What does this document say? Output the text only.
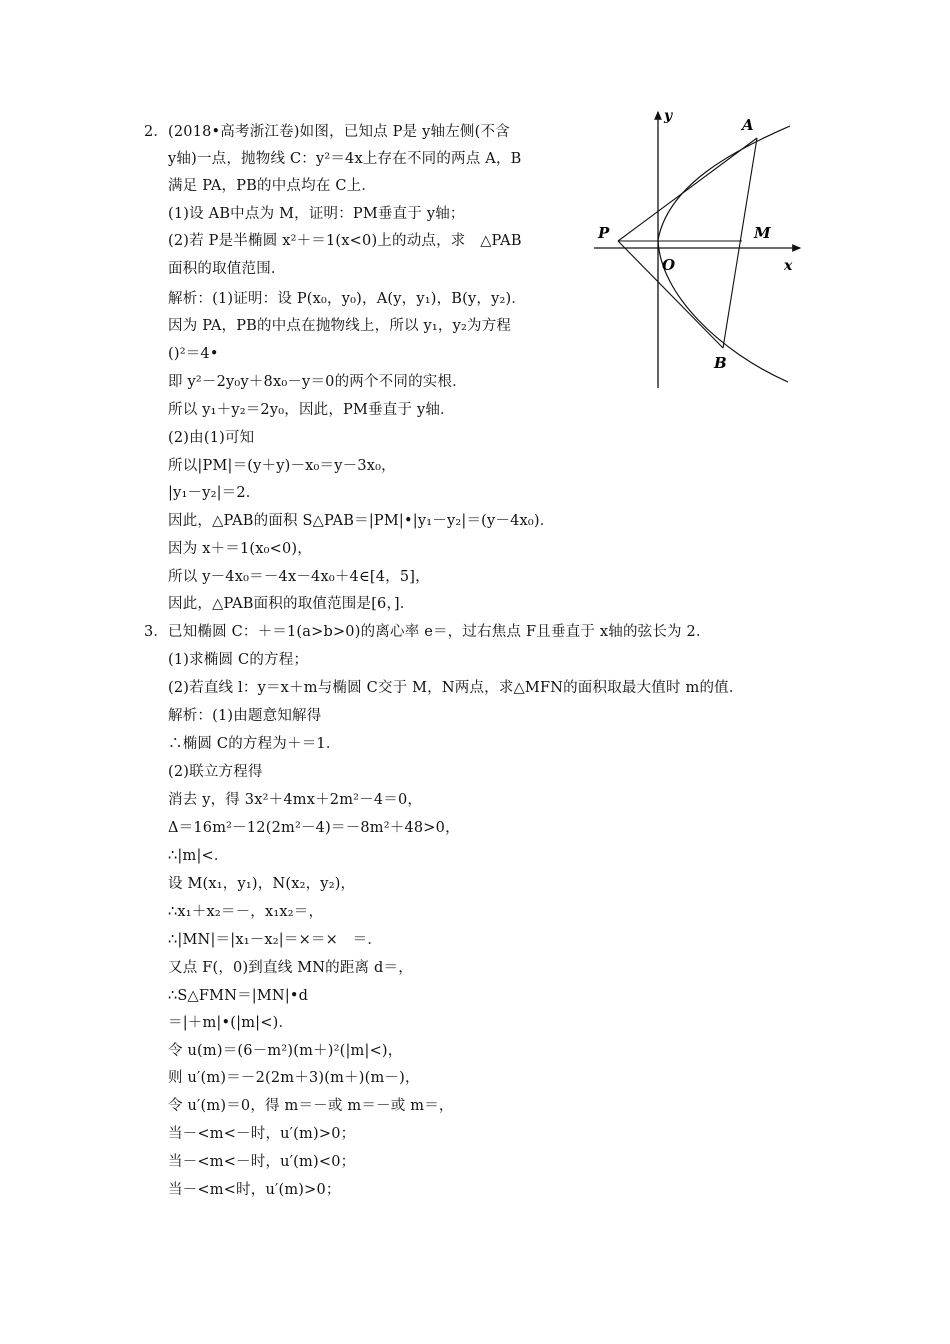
2． (2018•高考浙江卷)如图，已知点 P是 y轴左侧(不含
y轴)一点，抛物线 C：y²＝4x上存在不同的两点 A，B
满足 PA，PB的中点均在 C上．
(1)设 AB中点为 M，证明：PM垂直于 y轴；
(2)若 P是半椭圆 x²＋＝1(x<0)上的动点，求　△PAB
面积的取值范围．
解析：(1)证明：设 P(x₀，y₀)，A(y，y₁)，B(y，y₂)．
因为 PA，PB的中点在抛物线上，所以 y₁，y₂为方程
()²＝4•
即 y²－2y₀y＋8x₀－y＝0的两个不同的实根．
所以 y₁＋y₂＝2y₀，因此，PM垂直于 y轴．
(2)由(1)可知
所以|PM|＝(y＋y)－x₀＝y－3x₀，
|y₁－y₂|＝2．
因此，△PAB的面积 S△PAB＝|PM|•|y₁－y₂|＝(y－4x₀)．
因为 x＋＝1(x₀<0)，
所以 y－4x₀＝－4x－4x₀＋4∈[4，5]，
因此，△PAB面积的取值范围是[6，]．
3． 已知椭圆 C：＋＝1(a>b>0)的离心率 e＝，过右焦点 F且垂直于 x轴的弦长为 2．
(1)求椭圆 C的方程；
(2)若直线 l：y＝x＋m与椭圆 C交于 M，N两点，求△MFN的面积取最大值时 m的值．
解析：(1)由题意知解得
∴椭圆 C的方程为＋＝1．
(2)联立方程得
消去 y，得 3x²＋4mx＋2m²－4＝0，
Δ＝16m²－12(2m²－4)＝－8m²＋48>0，
∴|m|<．
设 M(x₁，y₁)，N(x₂，y₂)，
∴x₁＋x₂＝－，x₁x₂＝，
∴|MN|＝|x₁－x₂|＝×＝×　＝．
又点 F(，0)到直线 MN的距离 d＝，
∴S△FMN＝|MN|•d
＝|＋m|•(|m|<)．
令 u(m)＝(6－m²)(m＋)²(|m|<)，
则 u′(m)＝－2(2m＋3)(m＋)(m－)，
令 u′(m)＝0，得 m＝－或 m＝－或 m＝，
当－<m<－时，u′(m)>0；
当－<m<－时，u′(m)<0；
当－<m<时，u′(m)>0；
y
x
A
B
M
P
O
